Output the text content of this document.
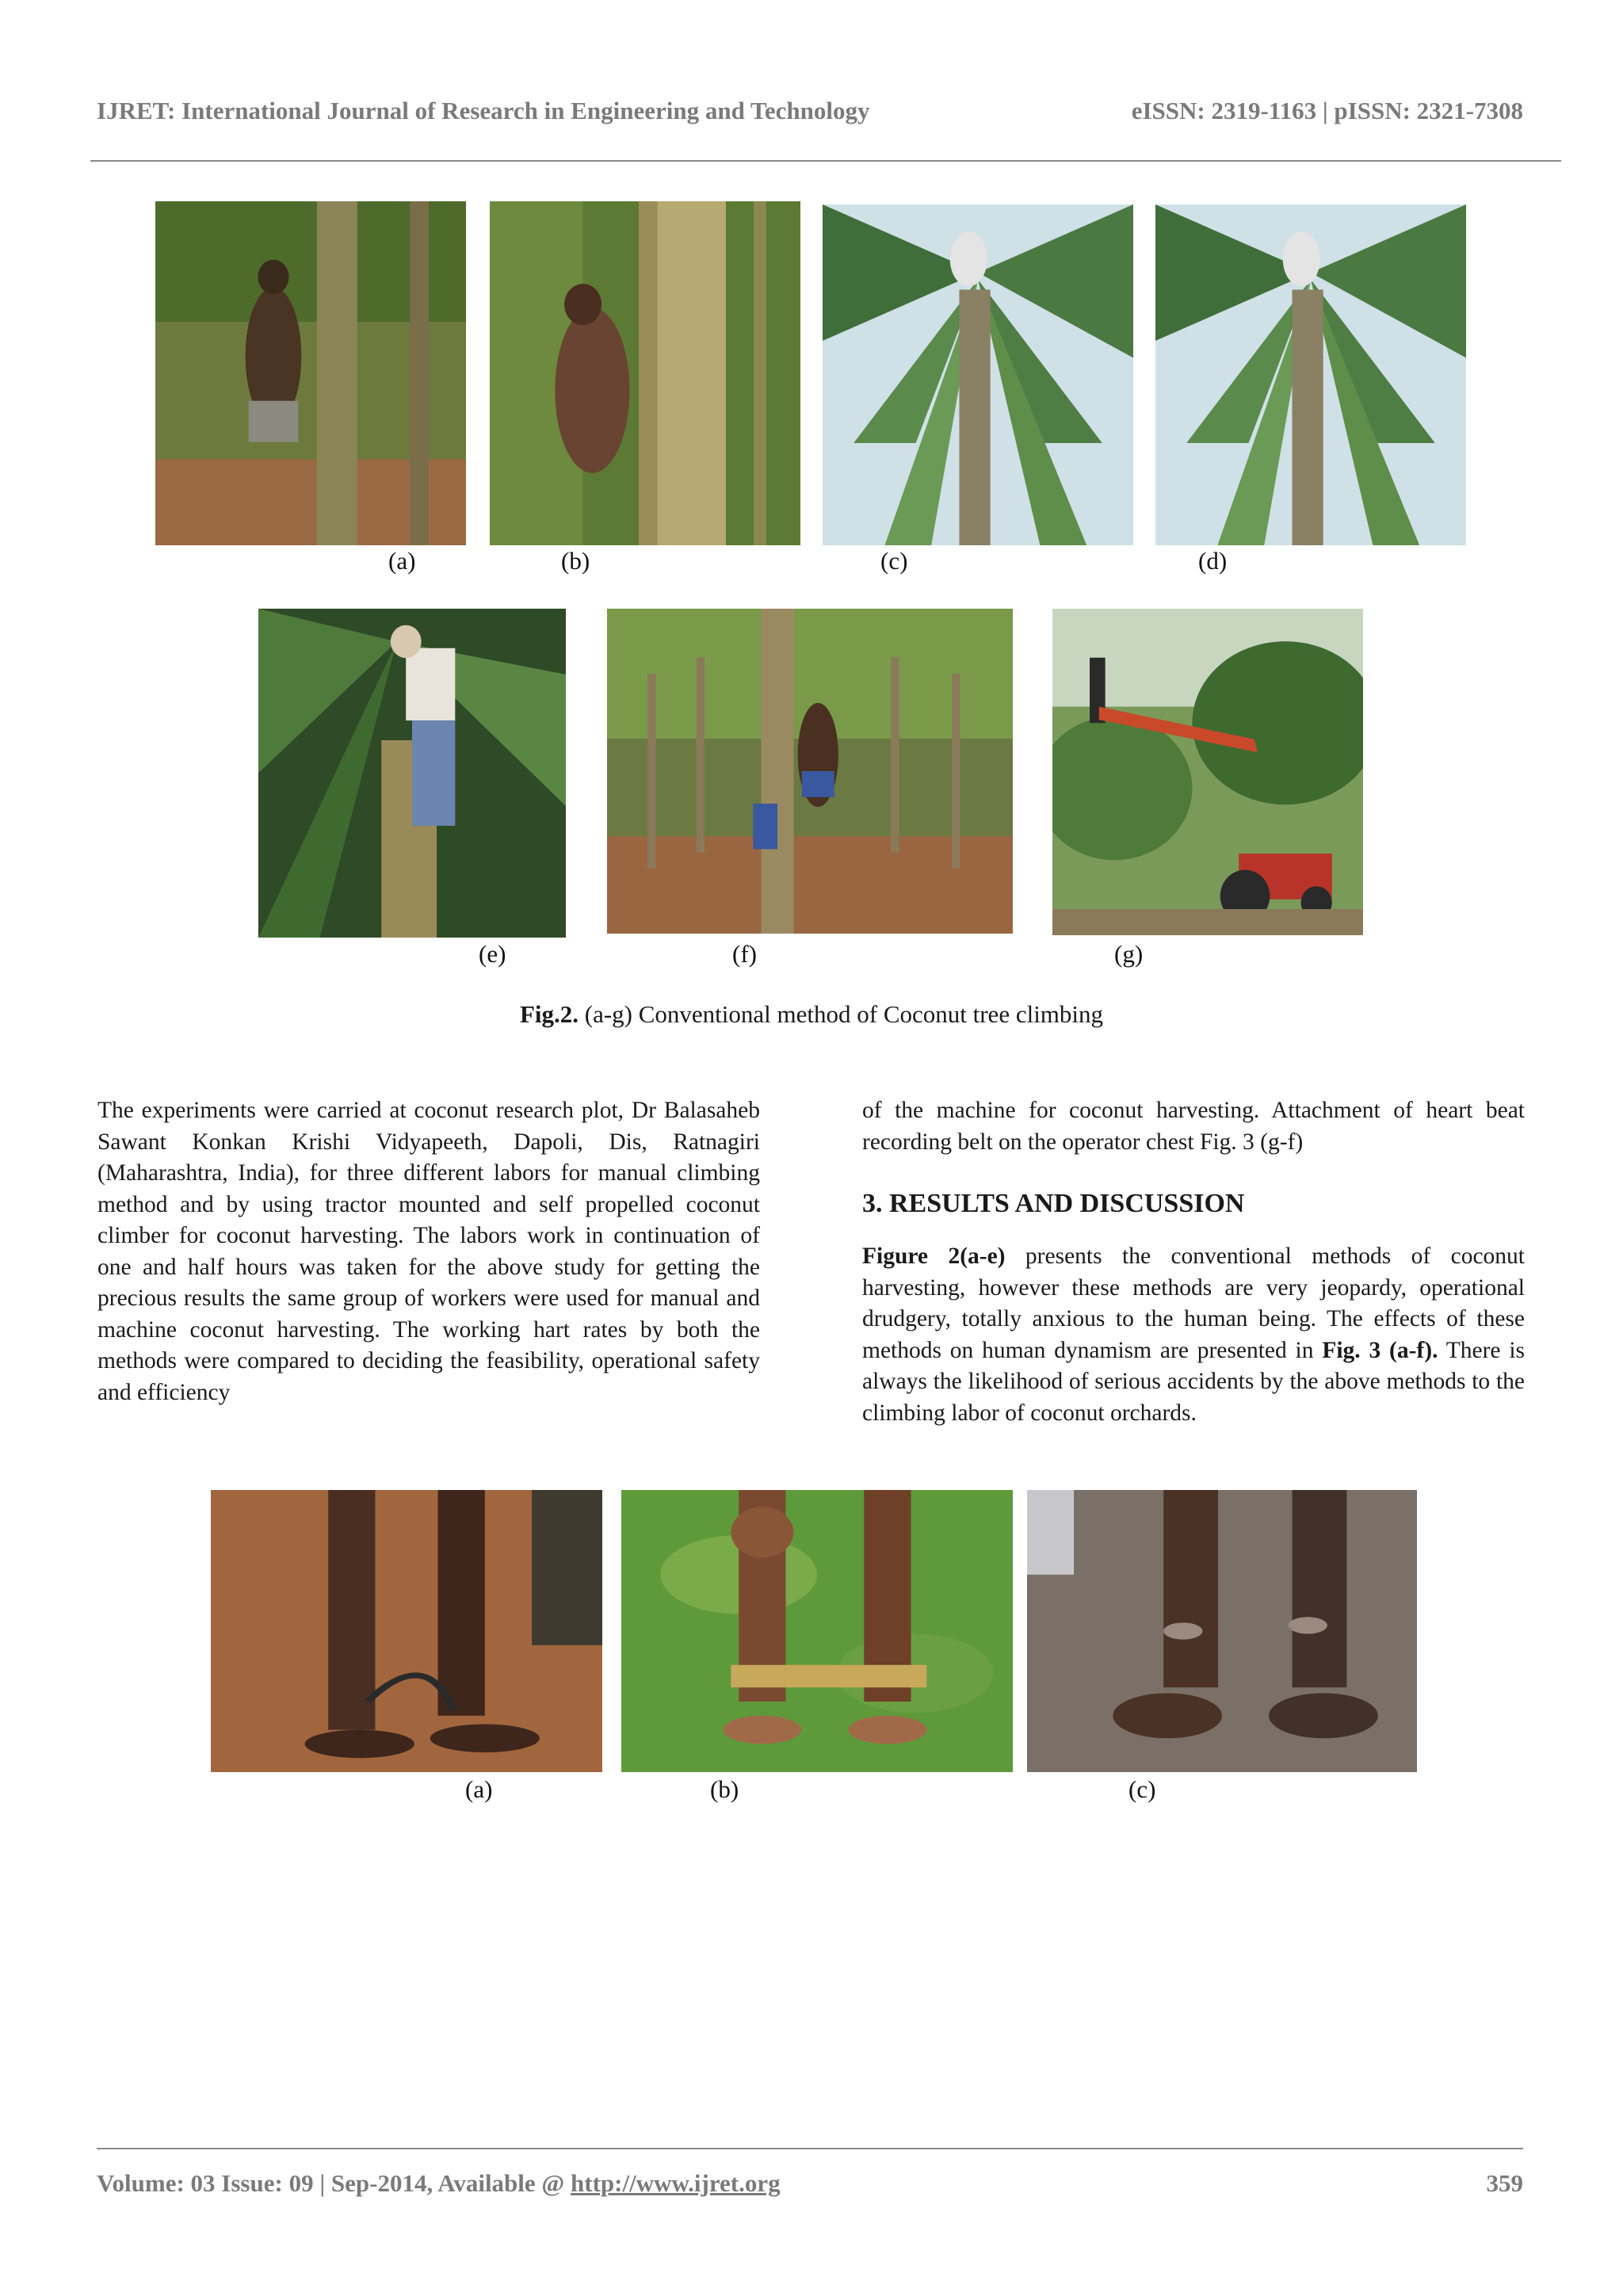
IJRET: International Journal of Research in Engineering and Technology	eISSN: 2319-1163 | pISSN: 2321-7308
(a)	(b)	(c)	(d)
(e)	(f)	(g)
Fig.2. (a-g) Conventional method of Coconut tree climbing

The experiments were carried at coconut research plot, Dr Balasaheb Sawant Konkan Krishi Vidyapeeth, Dapoli, Dis, Ratnagiri (Maharashtra, India), for three different labors for manual climbing method and by using tractor mounted and self propelled coconut climber for coconut harvesting. The labors work in continuation of one and half hours was taken for the above study for getting the precious results the same group of workers were used for manual and machine coconut harvesting. The working hart rates by both the methods were compared to deciding the feasibility, operational safety and efficiency

of the machine for coconut harvesting. Attachment of heart beat recording belt on the operator chest Fig. 3 (g-f)

3. RESULTS AND DISCUSSION

Figure 2(a-e) presents the conventional methods of coconut harvesting, however these methods are very jeopardy, operational drudgery, totally anxious to the human being. The effects of these methods on human dynamism are presented in Fig. 3 (a-f). There is always the likelihood of serious accidents by the above methods to the climbing labor of coconut orchards.

(a)	(b)	(c)
Volume: 03 Issue: 09 | Sep-2014, Available @ http://www.ijret.org	359
